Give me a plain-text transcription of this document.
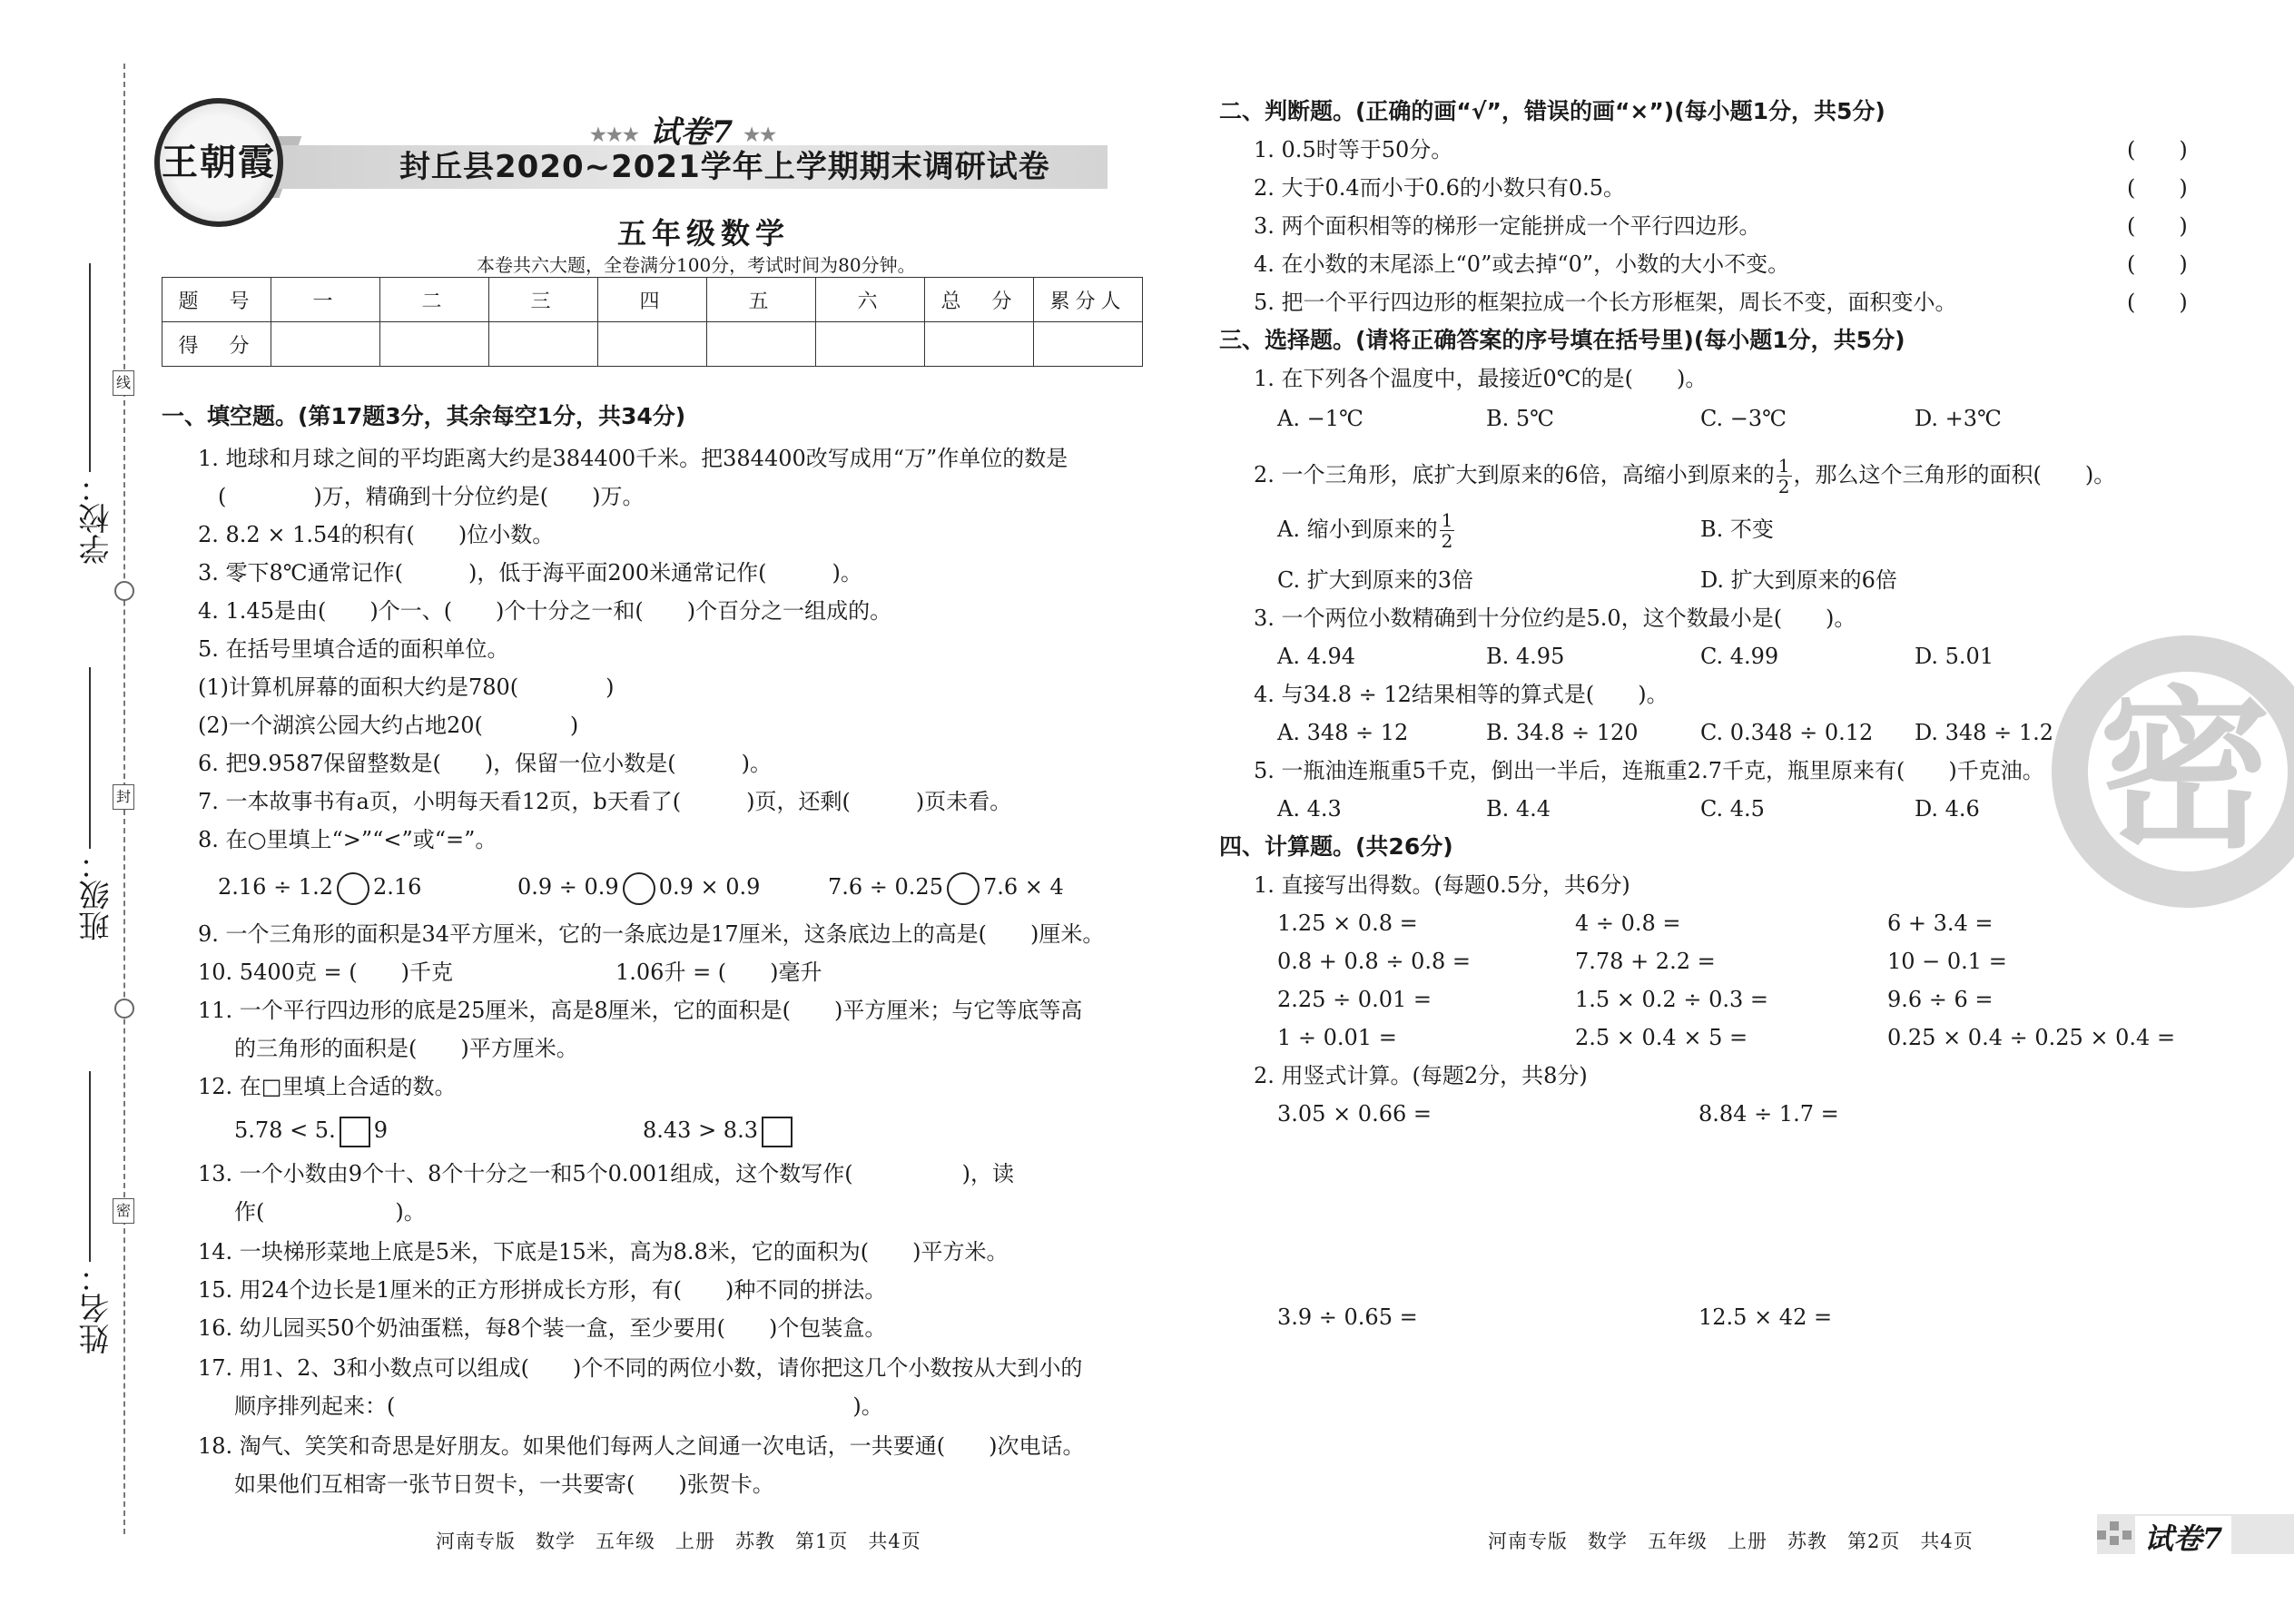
线
封
密
学校：
班级：
姓名：
王朝霞
★★★ 试卷7 ★★
封丘县2020~2021学年上学期期末调研试卷
五年级数学
本卷共六大题，全卷满分100分，考试时间为80分钟。
题　号	一	二	三	四	五	六	总　分	累分人
得　分								
一、填空题。(第17题3分，其余每空1分，共34分)
1. 地球和月球之间的平均距离大约是384400千米。把384400改写成用“万”作单位的数是
(　　　　)万，精确到十分位约是(　　)万。
2. 8.2 × 1.54的积有(　　)位小数。
3. 零下8℃通常记作(　　　)，低于海平面200米通常记作(　　　)。
4. 1.45是由(　　)个一、(　　)个十分之一和(　　)个百分之一组成的。
5. 在括号里填合适的面积单位。
(1)计算机屏幕的面积大约是780(　　　　)
(2)一个湖滨公园大约占地20(　　　　)
6. 把9.9587保留整数是(　　)，保留一位小数是(　　　)。
7. 一本故事书有a页，小明每天看12页，b天看了(　　　)页，还剩(　　　)页未看。
8. 在○里填上“>”“<”或“=”。
2.16 ÷ 1.2 2.16	0.9 ÷ 0.9 0.9 × 0.9	7.6 ÷ 0.25 7.6 × 4
9. 一个三角形的面积是34平方厘米，它的一条底边是17厘米，这条底边上的高是(　　)厘米。
10. 5400克 = (　　)千克	1.06升 = (　　)毫升
11. 一个平行四边形的底是25厘米，高是8厘米，它的面积是(　　)平方厘米；与它等底等高
的三角形的面积是(　　)平方厘米。
12. 在□里填上合适的数。
5.78 < 5. 9	8.43 > 8.3
13. 一个小数由9个十、8个十分之一和5个0.001组成，这个数写作(　　　　　)，读
作(　　　　　　)。
14. 一块梯形菜地上底是5米，下底是15米，高为8.8米，它的面积为(　　)平方米。
15. 用24个边长是1厘米的正方形拼成长方形，有(　　)种不同的拼法。
16. 幼儿园买50个奶油蛋糕，每8个装一盒，至少要用(　　)个包装盒。
17. 用1、2、3和小数点可以组成(　　)个不同的两位小数，请你把这几个小数按从大到小的
顺序排列起来：(　　　　　　　　　　　　　　　　　　　　　)。
18. 淘气、笑笑和奇思是好朋友。如果他们每两人之间通一次电话，一共要通(　　)次电话。
如果他们互相寄一张节日贺卡，一共要寄(　　)张贺卡。
河南专版　数学　五年级　上册　苏教　第1页　共4页
二、判断题。(正确的画“√”，错误的画“×”)(每小题1分，共5分)
1. 0.5时等于50分。	(　　)
2. 大于0.4而小于0.6的小数只有0.5。	(　　)
3. 两个面积相等的梯形一定能拼成一个平行四边形。	(　　)
4. 在小数的末尾添上“0”或去掉“0”，小数的大小不变。	(　　)
5. 把一个平行四边形的框架拉成一个长方形框架，周长不变，面积变小。	(　　)
三、选择题。(请将正确答案的序号填在括号里)(每小题1分，共5分)
1. 在下列各个温度中，最接近0℃的是(　　)。
A. −1℃	B. 5℃	C. −3℃	D. +3℃
2. 一个三角形，底扩大到原来的6倍，高缩小到原来的 $\frac{1}{2}$ ，那么这个三角形的面积(　　)。
A. 缩小到原来的 $\frac{1}{2}$	B. 不变
C. 扩大到原来的3倍	D. 扩大到原来的6倍
3. 一个两位小数精确到十分位约是5.0，这个数最小是(　　)。
A. 4.94	B. 4.95	C. 4.99	D. 5.01
4. 与34.8 ÷ 12结果相等的算式是(　　)。
A. 348 ÷ 12	B. 34.8 ÷ 120	C. 0.348 ÷ 0.12 D. 348 ÷ 1.2
5. 一瓶油连瓶重5千克，倒出一半后，连瓶重2.7千克，瓶里原来有(　　)千克油。
A. 4.3	B. 4.4	C. 4.5	D. 4.6
四、计算题。(共26分)
1. 直接写出得数。(每题0.5分，共6分)
1.25 × 0.8 =	4 ÷ 0.8 =	6 + 3.4 =
0.8 + 0.8 ÷ 0.8 =	7.78 + 2.2 =	10 − 0.1 =
2.25 ÷ 0.01 =	1.5 × 0.2 ÷ 0.3 =	9.6 ÷ 6 =
1 ÷ 0.01 =	2.5 × 0.4 × 5 =	0.25 × 0.4 ÷ 0.25 × 0.4 =
2. 用竖式计算。(每题2分，共8分)
3.05 × 0.66 =	8.84 ÷ 1.7 =
3.9 ÷ 0.65 =	12.5 × 42 =
河南专版　数学　五年级　上册　苏教　第2页　共4页
密
试卷7
